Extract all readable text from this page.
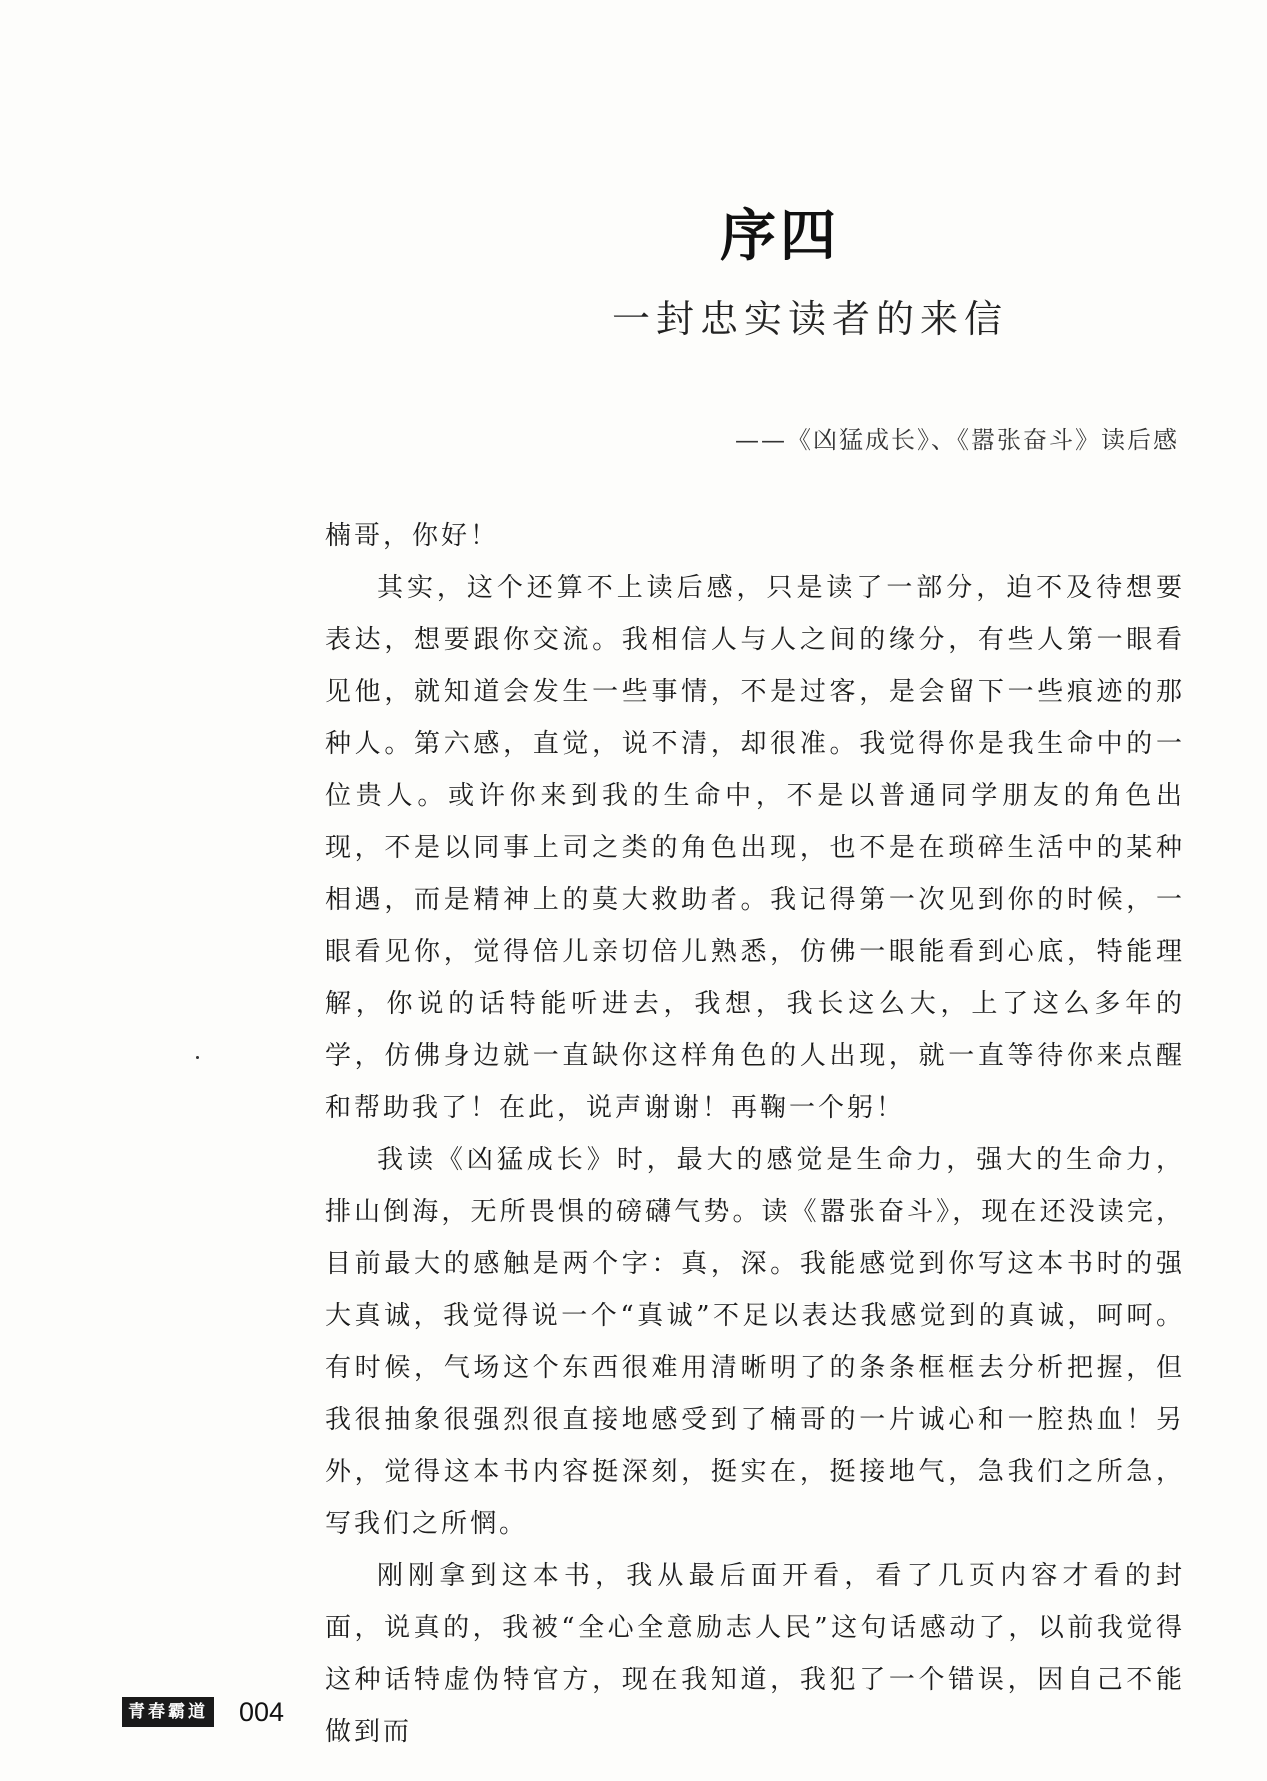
序四
一封忠实读者的来信
——《凶猛成长》、《嚣张奋斗》读后感

楠哥，你好！

其实，这个还算不上读后感，只是读了一部分，迫不及待想要表达，想要跟你交流。我相信人与人之间的缘分，有些人第一眼看见他，就知道会发生一些事情，不是过客，是会留下一些痕迹的那种人。第六感，直觉，说不清，却很准。我觉得你是我生命中的一位贵人。或许你来到我的生命中，不是以普通同学朋友的角色出现，不是以同事上司之类的角色出现，也不是在琐碎生活中的某种相遇，而是精神上的莫大救助者。我记得第一次见到你的时候，一眼看见你，觉得倍儿亲切倍儿熟悉，仿佛一眼能看到心底，特能理解，你说的话特能听进去，我想，我长这么大，上了这么多年的学，仿佛身边就一直缺你这样角色的人出现，就一直等待你来点醒和帮助我了！在此，说声谢谢！再鞠一个躬！

我读《凶猛成长》时，最大的感觉是生命力，强大的生命力，排山倒海，无所畏惧的磅礴气势。读《嚣张奋斗》，现在还没读完，目前最大的感触是两个字：真，深。我能感觉到你写这本书时的强大真诚，我觉得说一个“真诚”不足以表达我感觉到的真诚，呵呵。有时候，气场这个东西很难用清晰明了的条条框框去分析把握，但我很抽象很强烈很直接地感受到了楠哥的一片诚心和一腔热血！另外，觉得这本书内容挺深刻，挺实在，挺接地气，急我们之所急，写我们之所惘。

刚刚拿到这本书，我从最后面开看，看了几页内容才看的封面，说真的，我被“全心全意励志人民”这句话感动了，以前我觉得这种话特虚伪特官方，现在我知道，我犯了一个错误，因自己不能做到而

青春霸道 004
